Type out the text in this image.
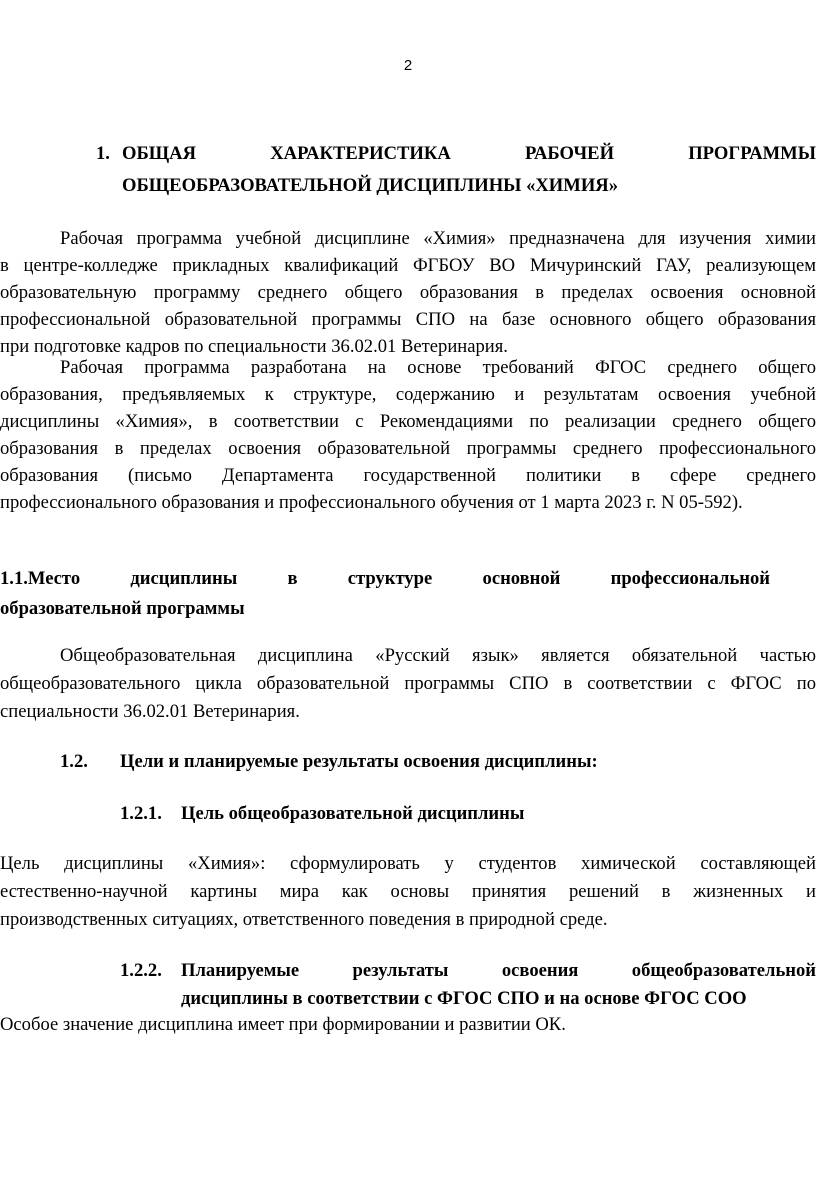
2
1. ОБЩАЯ ХАРАКТЕРИСТИКА РАБОЧЕЙ ПРОГРАММЫ
ОБЩЕОБРАЗОВАТЕЛЬНОЙ ДИСЦИПЛИНЫ «ХИМИЯ»
Рабочая программа учебной дисциплине «Химия» предназначена для изучения химии
в центре-колледже прикладных квалификаций ФГБОУ ВО Мичуринский ГАУ, реализующем
образовательную программу среднего общего образования в пределах освоения основной
профессиональной образовательной программы СПО на базе основного общего образования
при подготовке кадров по специальности 36.02.01 Ветеринария.
Рабочая программа разработана на основе требований ФГОС среднего общего
образования, предъявляемых к структуре, содержанию и результатам освоения учебной
дисциплины «Химия», в соответствии с Рекомендациями по реализации среднего общего
образования в пределах освоения образовательной программы среднего профессионального
образования (письмо Департамента государственной политики в сфере среднего
профессионального образования и профессионального обучения от 1 марта 2023 г. N 05-592).
1.1.Место дисциплины в структуре основной профессиональной
образовательной программы
Общеобразовательная дисциплина «Русский язык» является обязательной частью
общеобразовательного цикла образовательной программы СПО в соответствии с ФГОС по
специальности 36.02.01 Ветеринария.
1.2. Цели и планируемые результаты освоения дисциплины:
1.2.1. Цель общеобразовательной дисциплины
Цель дисциплины «Химия»: сформулировать у студентов химической составляющей
естественно-научной картины мира как основы принятия решений в жизненных и
производственных ситуациях, ответственного поведения в природной среде.
1.2.2. Планируемые результаты освоения общеобразовательной
дисциплины в соответствии с ФГОС СПО и на основе ФГОС СОО
Особое значение дисциплина имеет при формировании и развитии ОК.
